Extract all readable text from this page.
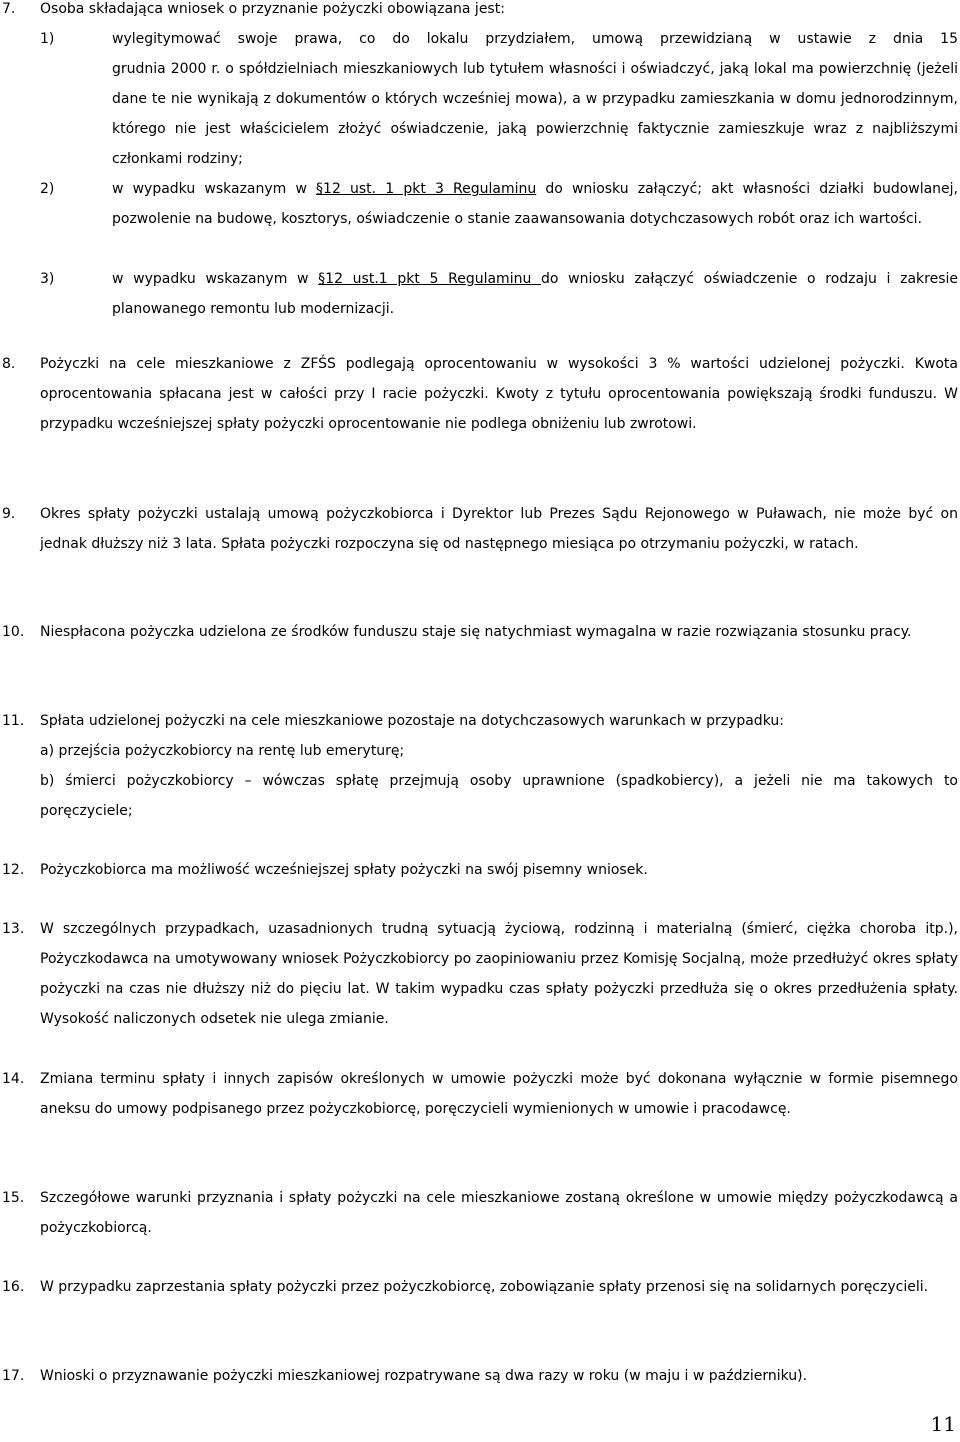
7. Osoba składająca wniosek o przyznanie pożyczki obowiązana jest:
1)	wylegitymować swoje prawa, co do lokalu przydziałem, umową przewidzianą w ustawie z dnia 15
grudnia 2000 r. o spółdzielniach mieszkaniowych lub tytułem własności i oświadczyć, jaką lokal ma powierzchnię (jeżeli dane te nie wynikają z dokumentów o których wcześniej mowa), a w przypadku zamieszkania w domu jednorodzinnym, którego nie jest właścicielem złożyć oświadczenie, jaką powierzchnię faktycznie zamieszkuje wraz z najbliższymi członkami rodziny;
2)	w wypadku wskazanym w §12 ust. 1 pkt 3 Regulaminu do wniosku załączyć; akt własności działki budowlanej, pozwolenie na budowę, kosztorys, oświadczenie o stanie zaawansowania dotychczasowych robót oraz ich wartości.
3)	w wypadku wskazanym w §12 ust.1 pkt 5 Regulaminu do wniosku załączyć oświadczenie o rodzaju i zakresie planowanego remontu lub modernizacji.
8. Pożyczki na cele mieszkaniowe z ZFŚS podlegają oprocentowaniu w wysokości 3 % wartości udzielonej pożyczki. Kwota oprocentowania spłacana jest w całości przy I racie pożyczki. Kwoty z tytułu oprocentowania powiększają środki funduszu. W przypadku wcześniejszej spłaty pożyczki oprocentowanie nie podlega obniżeniu lub zwrotowi.
9. Okres spłaty pożyczki ustalają umową pożyczkobiorca i Dyrektor lub Prezes Sądu Rejonowego w Puławach, nie może być on jednak dłuższy niż 3 lata. Spłata pożyczki rozpoczyna się od następnego miesiąca po otrzymaniu pożyczki, w ratach.
10. Niespłacona pożyczka udzielona ze środków funduszu staje się natychmiast wymagalna w razie rozwiązania stosunku pracy.
11. Spłata udzielonej pożyczki na cele mieszkaniowe pozostaje na dotychczasowych warunkach w przypadku:
a) przejścia pożyczkobiorcy na rentę lub emeryturę;
b) śmierci pożyczkobiorcy – wówczas spłatę przejmują osoby uprawnione (spadkobiercy), a jeżeli nie ma takowych to poręczyciele;
12. Pożyczkobiorca ma możliwość wcześniejszej spłaty pożyczki na swój pisemny wniosek.
13. W szczególnych przypadkach, uzasadnionych trudną sytuacją życiową, rodzinną i materialną (śmierć, ciężka choroba itp.), Pożyczkodawca na umotywowany wniosek Pożyczkobiorcy po zaopiniowaniu przez Komisję Socjalną, może przedłużyć okres spłaty pożyczki na czas nie dłuższy niż do pięciu lat. W takim wypadku czas spłaty pożyczki przedłuża się o okres przedłużenia spłaty. Wysokość naliczonych odsetek nie ulega zmianie.
14. Zmiana terminu spłaty i innych zapisów określonych w umowie pożyczki może być dokonana wyłącznie w formie pisemnego aneksu do umowy podpisanego przez pożyczkobiorcę, poręczycieli wymienionych w umowie i pracodawcę.
15. Szczegółowe warunki przyznania i spłaty pożyczki na cele mieszkaniowe zostaną określone w umowie między pożyczkodawcą a pożyczkobiorcą.
16. W przypadku zaprzestania spłaty pożyczki przez pożyczkobiorcę, zobowiązanie spłaty przenosi się na solidarnych poręczycieli.
17. Wnioski o przyznawanie pożyczki mieszkaniowej rozpatrywane są dwa razy w roku (w maju i w październiku).
11
